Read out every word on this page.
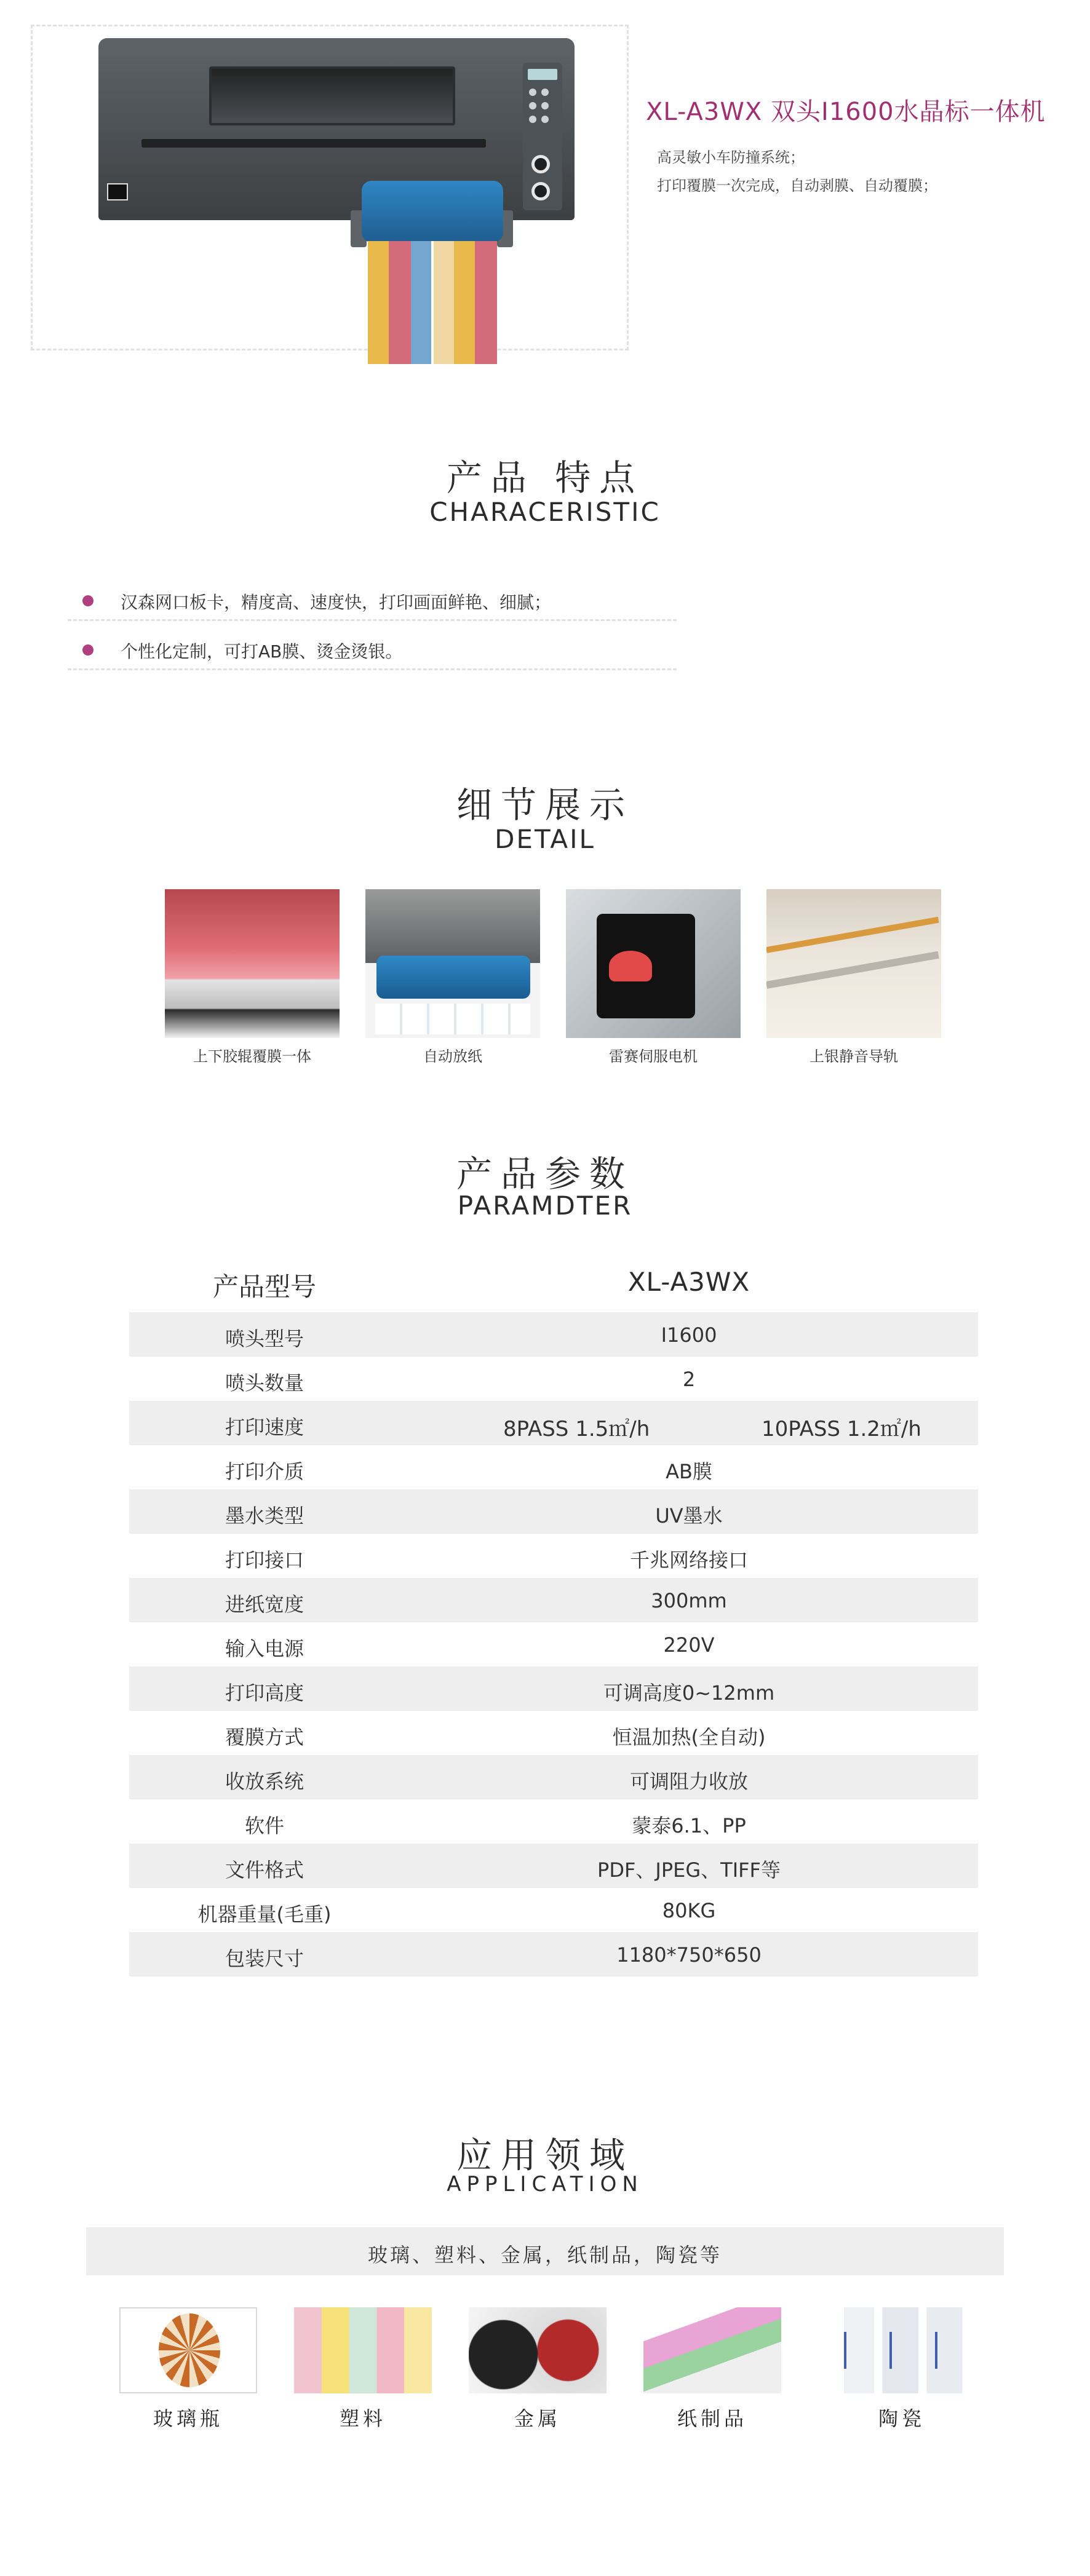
XL-A3WX 双头I1600水晶标一体机
高灵敏小车防撞系统；
打印覆膜一次完成，自动剥膜、自动覆膜；
产品 特点
CHARACERISTIC
汉森网口板卡，精度高、速度快，打印画面鲜艳、细腻；
个性化定制，可打AB膜、烫金烫银。
细节展示
DETAIL
上下胶辊覆膜一体	自动放纸	雷赛伺服电机	上银静音导轨
产品参数
PARAMDTER
产品型号	XL-A3WX
喷头型号	I1600
喷头数量	2
打印速度	8PASS 1.5㎡/h	10PASS 1.2㎡/h
打印介质	AB膜
墨水类型	UV墨水
打印接口	千兆网络接口
进纸宽度	300mm
输入电源	220V
打印高度	可调高度0~12mm
覆膜方式	恒温加热(全自动)
收放系统	可调阻力收放
软件	蒙泰6.1、PP
文件格式	PDF、JPEG、TIFF等
机器重量(毛重)	80KG
包装尺寸	1180*750*650
应用领域
APPLICATION
玻璃、塑料、金属，纸制品，陶瓷等
玻璃瓶	塑料	金属	纸制品	陶瓷
